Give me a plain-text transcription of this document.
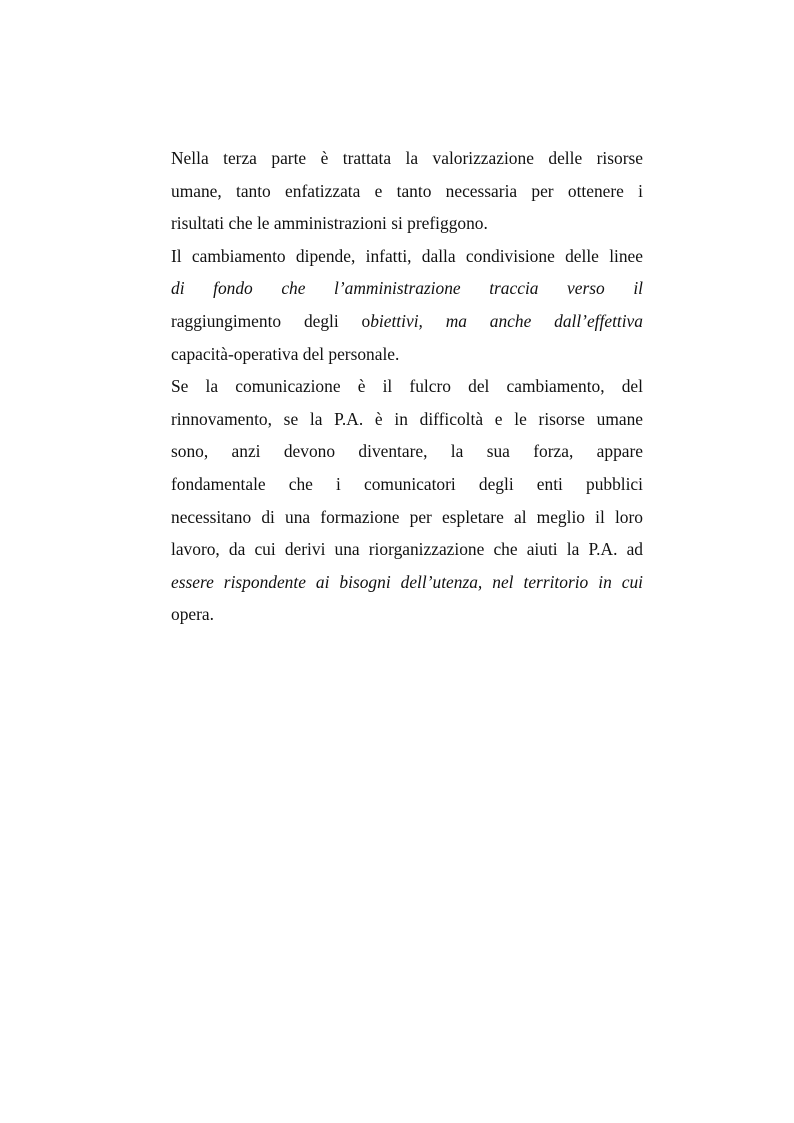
Nella terza parte è trattata la valorizzazione delle risorse
umane, tanto enfatizzata e tanto necessaria per ottenere i
risultati che le amministrazioni si prefiggono.

Il cambiamento dipende, infatti, dalla condivisione delle linee
di fondo che l’amministrazione traccia verso il
raggiungimento degli obiettivi, ma anche dall’effettiva
capacità-operativa del personale.

Se la comunicazione è il fulcro del cambiamento, del
rinnovamento, se la P.A. è in difficoltà e le risorse umane
sono, anzi devono diventare, la sua forza, appare
fondamentale che i comunicatori degli enti pubblici
necessitano di una formazione per espletare al meglio il loro
lavoro, da cui derivi una riorganizzazione che aiuti la P.A. ad
essere rispondente ai bisogni dell’utenza, nel territorio in cui
opera.
